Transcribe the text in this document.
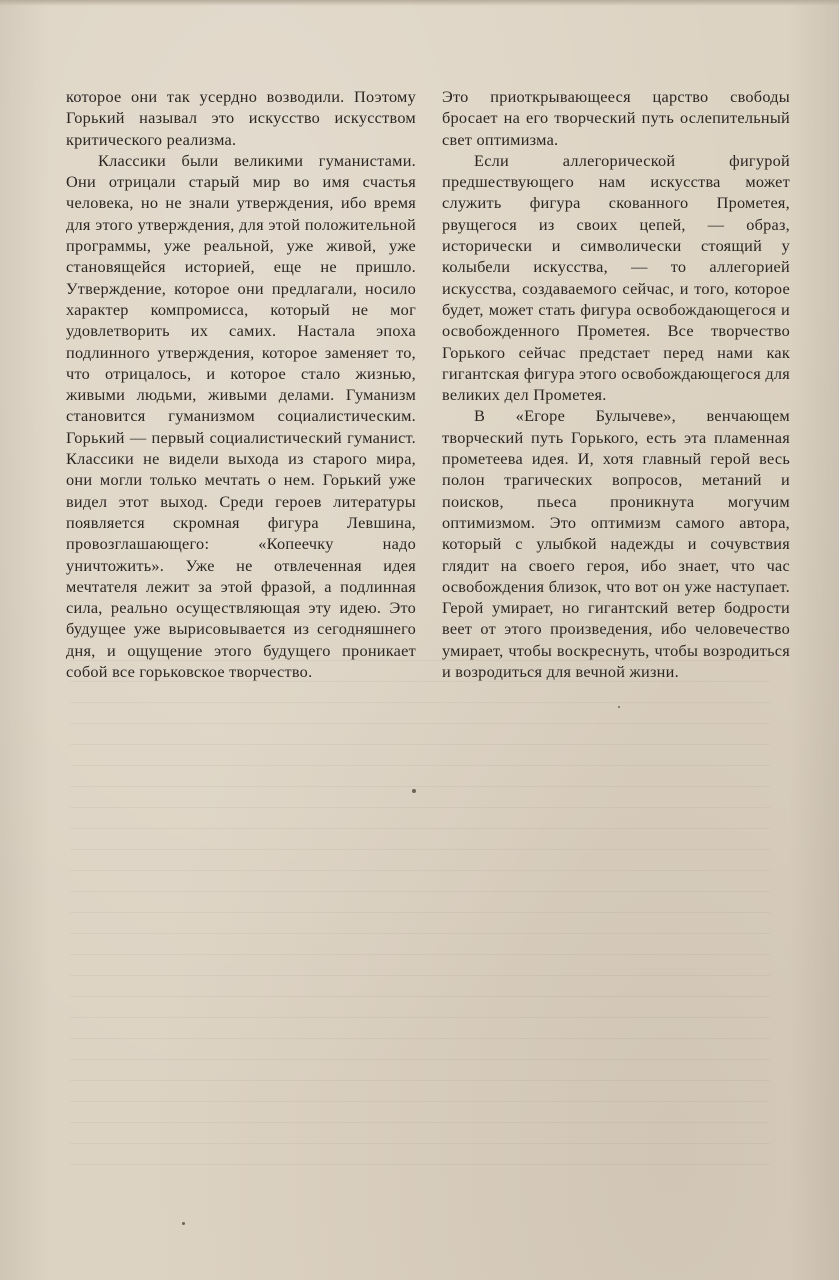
которое они так усердно возводили. Поэтому Горький называл это искусство искусством критического реализма.

Классики были великими гуманистами. Они отрицали старый мир во имя счастья человека, но не знали утверждения, ибо время для этого утверждения, для этой положительной программы, уже реальной, уже живой, уже становящейся историей, еще не пришло. Утверждение, которое они предлагали, носило характер компромисса, который не мог удовлетворить их самих. Настала эпоха подлинного утверждения, которое заменяет то, что отрицалось, и которое стало жизнью, живыми людьми, живыми делами. Гуманизм становится гуманизмом социалистическим. Горький — первый социалистический гуманист. Классики не видели выхода из старого мира, они могли только мечтать о нем. Горький уже видел этот выход. Среди героев литературы появляется скромная фигура Левшина, провозглашающего: «Копеечку надо уничтожить». Уже не отвлеченная идея мечтателя лежит за этой фразой, а подлинная сила, реально осуществляющая эту идею. Это будущее уже вырисовывается из сегодняшнего дня, и ощущение этого будущего проникает собой все горьковское творчество.

Это приоткрывающееся царство свободы бросает на его творческий путь ослепительный свет оптимизма.

Если аллегорической фигурой предшествующего нам искусства может служить фигура скованного Прометея, рвущегося из своих цепей, — образ, исторически и символически стоящий у колыбели искусства, — то аллегорией искусства, создаваемого сейчас, и того, которое будет, может стать фигура освобождающегося и освобожденного Прометея. Все творчество Горького сейчас предстает перед нами как гигантская фигура этого освобождающегося для великих дел Прометея.

В «Егоре Булычеве», венчающем творческий путь Горького, есть эта пламенная прометеева идея. И, хотя главный герой весь полон трагических вопросов, метаний и поисков, пьеса проникнута могучим оптимизмом. Это оптимизм самого автора, который с улыбкой надежды и сочувствия глядит на своего героя, ибо знает, что час освобождения близок, что вот он уже наступает. Герой умирает, но гигантский ветер бодрости веет от этого произведения, ибо человечество умирает, чтобы воскреснуть, чтобы возродиться и возродиться для вечной жизни.
